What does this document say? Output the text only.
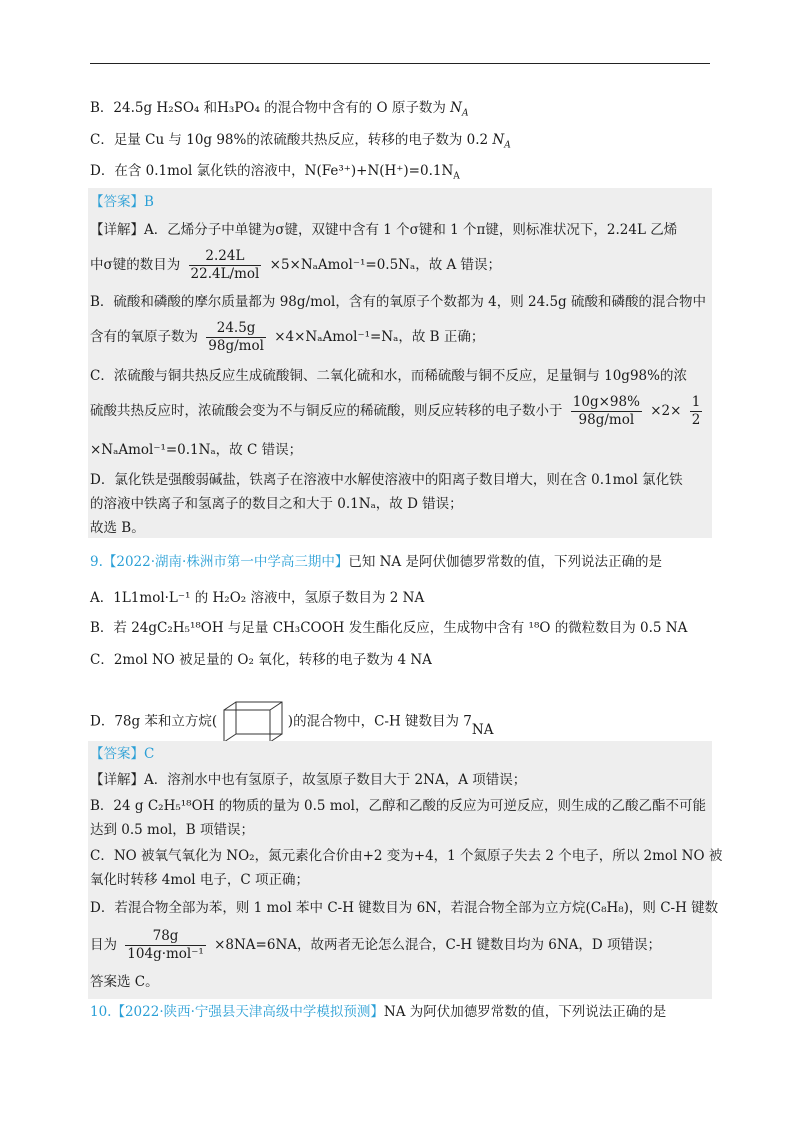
B．24.5g H₂SO₄ 和H₃PO₄ 的混合物中含有的 O 原子数为 $N_A$
C．足量 Cu 与 10g 98%的浓硫酸共热反应，转移的电子数为 0.2 $N_A$
D．在含 0.1mol 氯化铁的溶液中，$N(Fe^{3+})+N(H^+)=0.1N_A$
【答案】B
【详解】A．乙烯分子中单键为σ键，双键中含有 1 个σ键和 1 个π键，则标准状况下，2.24L 乙烯
中σ键的数目为 $\frac{2.24L}{\text{22.4L/mol}}$ ×5×NₐAmol⁻¹=0.5Nₐ，故 A 错误；
B．硫酸和磷酸的摩尔质量都为 98g/mol，含有的氧原子个数都为 4，则 24.5g 硫酸和磷酸的混合物中
含有的氧原子数为 $\frac{24.5g}{\text{98g/mol}}$ ×4×NₐAmol⁻¹=Nₐ，故 B 正确；
C．浓硫酸与铜共热反应生成硫酸铜、二氧化硫和水，而稀硫酸与铜不反应，足量铜与 10g98%的浓
硫酸共热反应时，浓硫酸会变为不与铜反应的稀硫酸，则反应转移的电子数小于 $\frac{10g\times 98\%}{\text{98g/mol}} \times 2\times \frac{1}{2}$
×NₐAmol⁻¹=0.1Nₐ，故 C 错误；
D．氯化铁是强酸弱碱盐，铁离子在溶液中水解使溶液中的阳离子数目增大，则在含 0.1mol 氯化铁
的溶液中铁离子和氢离子的数目之和大于 0.1Nₐ，故 D 错误；
故选 B。
9.【2022·湖南·株洲市第一中学高三期中】已知 NA 是阿伏伽德罗常数的值，下列说法正确的是
A．1L1mol·L⁻¹ 的 H₂O₂ 溶液中，氢原子数目为 2 NA
B．若 24gC₂H₅¹⁸OH 与足量 CH₃COOH 发生酯化反应，生成物中含有 ¹⁸O 的微粒数目为 0.5 NA
C．2mol NO 被足量的 O₂ 氧化，转移的电子数为 4 NA
D．78g 苯和立方烷(	)的混合物中，C-H 键数目为 7NA
【答案】C
【详解】A．溶剂水中也有氢原子，故氢原子数目大于 2NA，A 项错误；
B．24 g C₂H₅¹⁸OH 的物质的量为 0.5 mol，乙醇和乙酸的反应为可逆反应，则生成的乙酸乙酯不可能
达到 0.5 mol，B 项错误；
C．NO 被氧气氧化为 NO₂，氮元素化合价由+2 变为+4，1 个氮原子失去 2 个电子，所以 2mol NO 被
氧化时转移 4mol 电子，C 项正确；
D．若混合物全部为苯，则 1 mol 苯中 C-H 键数目为 6N，若混合物全部为立方烷(C₈H₈)，则 C-H 键数
目为 $\frac{78g}{\text{104g·mol⁻¹}} \times 8NA=6NA$，故两者无论怎么混合，C-H 键数目均为 6NA，D 项错误；
答案选 C。
10.【2022·陕西·宁强县天津高级中学模拟预测】NA 为阿伏加德罗常数的值，下列说法正确的是
